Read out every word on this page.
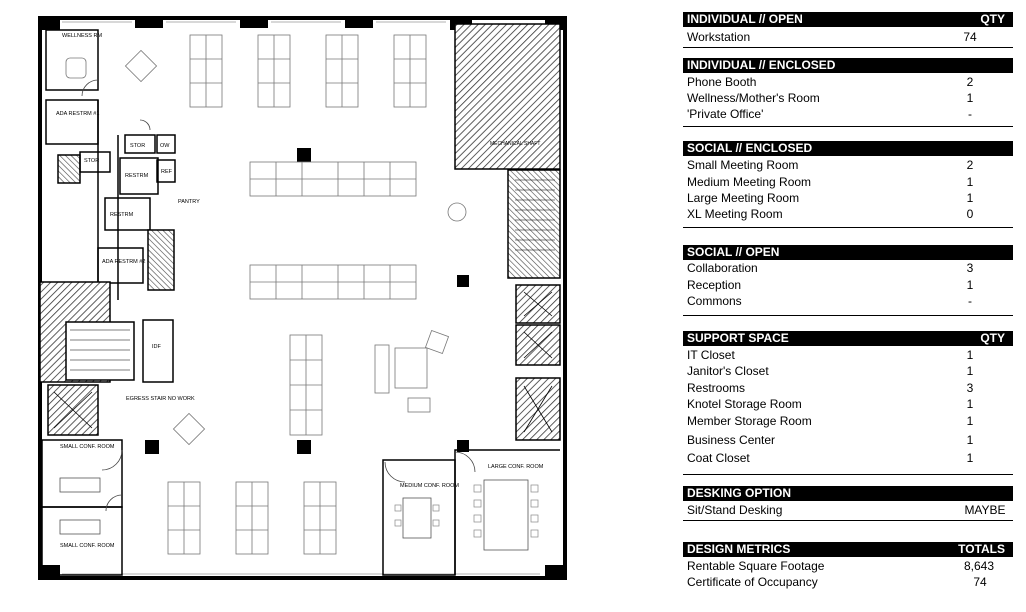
MECHANICAL SHAFT
WELLNESS RM
ADA RESTRM #1
STOR
STOR	OW
RESTRM
REF
PANTRY
RESTRM
ADA RESTRM #2
IDF
EGRESS STAIR NO WORK
SMALL CONF. ROOM
SMALL CONF. ROOM
MEDIUM CONF. ROOM
LARGE CONF. ROOM
INDIVIDUAL // OPEN	QTY
Workstation	74
INDIVIDUAL // ENCLOSED
Phone Booth	2
Wellness/Mother's Room	1
'Private Office'	-
SOCIAL // ENCLOSED
Small Meeting Room	2
Medium Meeting Room	1
Large Meeting Room	1
XL Meeting Room	0
SOCIAL // OPEN
Collaboration	3
Reception	1
Commons	-
SUPPORT SPACE	QTY
IT Closet	1
Janitor's Closet	1
Restrooms	3
Knotel Storage Room	1
Member Storage Room	1
Business Center	1
Coat Closet	1
DESKING OPTION
Sit/Stand Desking	MAYBE
DESIGN METRICS	TOTALS
Rentable Square Footage	8,643
Certificate of Occupancy	74
